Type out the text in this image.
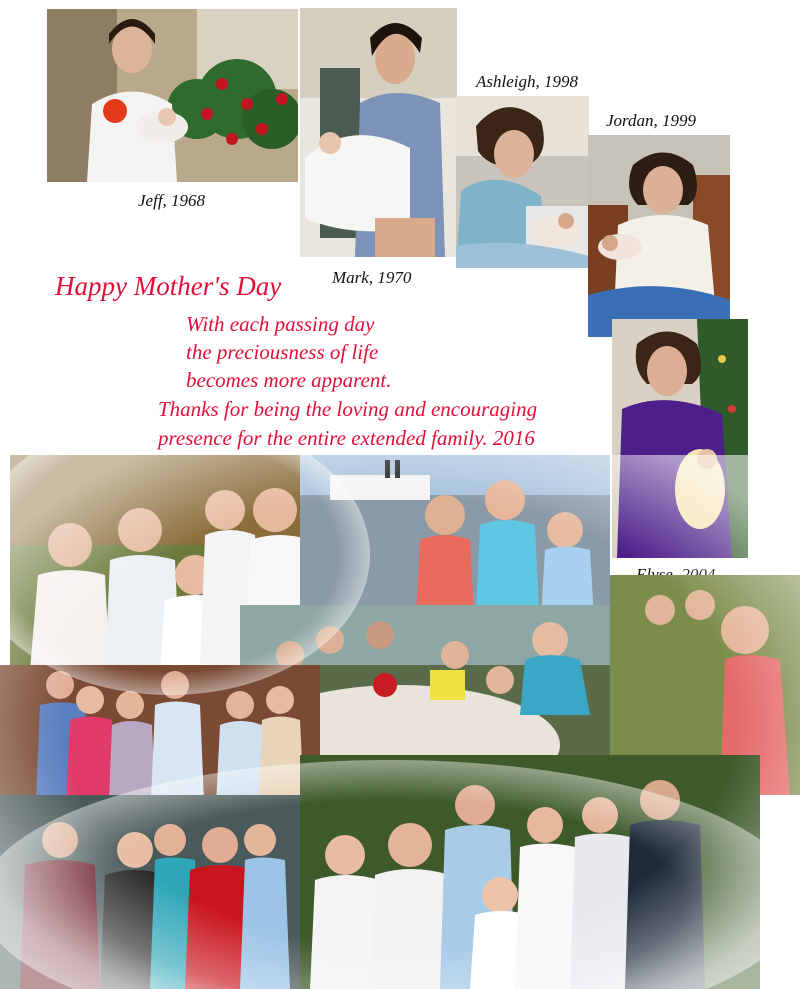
Jeff, 1968
Mark, 1970
Ashleigh, 1998
Jordan, 1999
Happy Mother's Day
With each passing day
the preciousness of life
becomes more apparent.
Thanks for being the loving and encouraging
presence for the entire extended family. 2016
